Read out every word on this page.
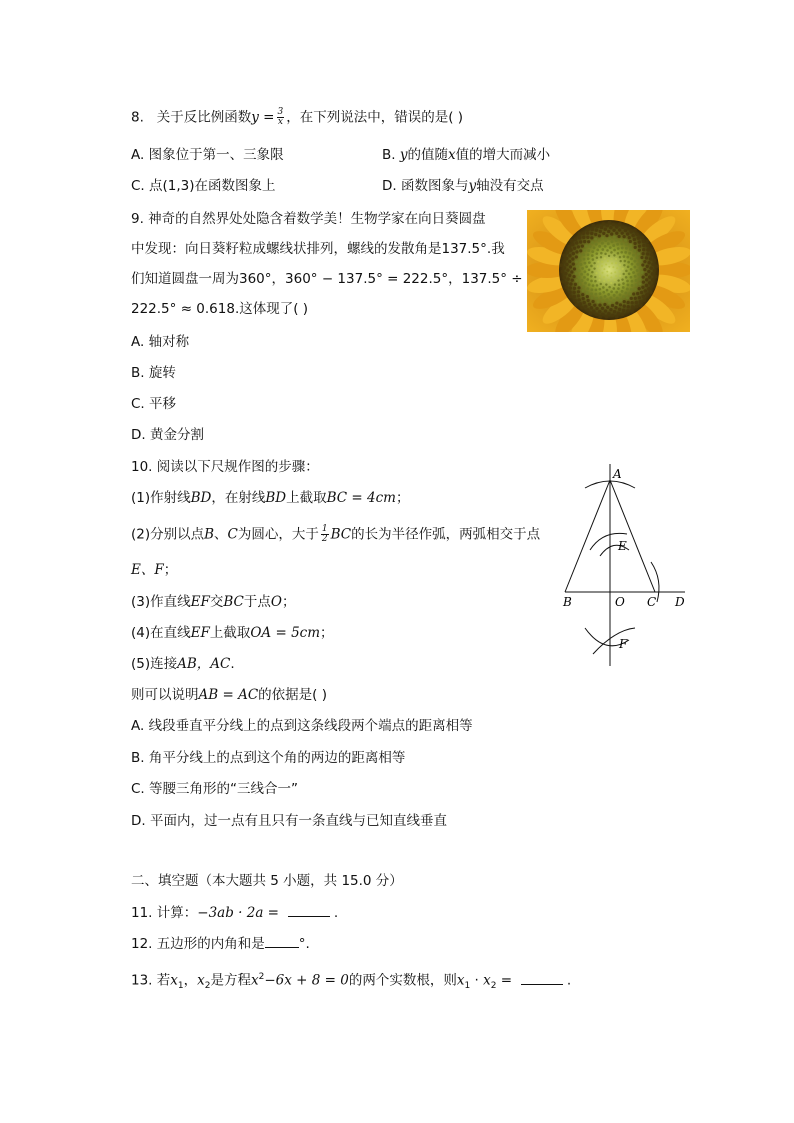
8. 关于反比例函数$y = \frac{3}{x}$ ，在下列说法中，错误的是( )
A. 图象位于第一、三象限	B. y的值随x值的增大而减小
C. 点(1,3)在函数图象上	D. 函数图象与y轴没有交点
9. 神奇的自然界处处隐含着数学美！生物学家在向日葵圆盘
中发现：向日葵籽粒成螺线状排列，螺线的发散角是137.5°.我
们知道圆盘一周为360°，360° − 137.5° = 222.5°，137.5° ÷
222.5° ≈ 0.618.这体现了( )
A. 轴对称
B. 旋转
C. 平移
D. 黄金分割
10. 阅读以下尺规作图的步骤：
(1)作射线BD，在射线BD上截取BC = 4cm；
(2)分别以点B、C为圆心，大于 $\frac{1}{2}$ BC的长为半径作弧，两弧相交于点
E、F；
(3)作直线EF交BC于点O；
(4)在直线EF上截取OA = 5cm；
(5)连接AB，AC.
则可以说明AB = AC的依据是( )
A. 线段垂直平分线上的点到这条线段两个端点的距离相等
B. 角平分线上的点到这个角的两边的距离相等
C. 等腰三角形的“三线合一”
D. 平面内，过一点有且只有一条直线与已知直线垂直
A
E
B	O C D
F
二、填空题（本大题共 5 小题，共 15.0 分）
11. 计算：−3ab · 2a =	.
12. 五边形的内角和是	°.
13. 若$x_1$，$x_2$是方程$x^2-6x + 8 = 0$的两个实数根，则$x_1 \cdot x_2$ =	.
